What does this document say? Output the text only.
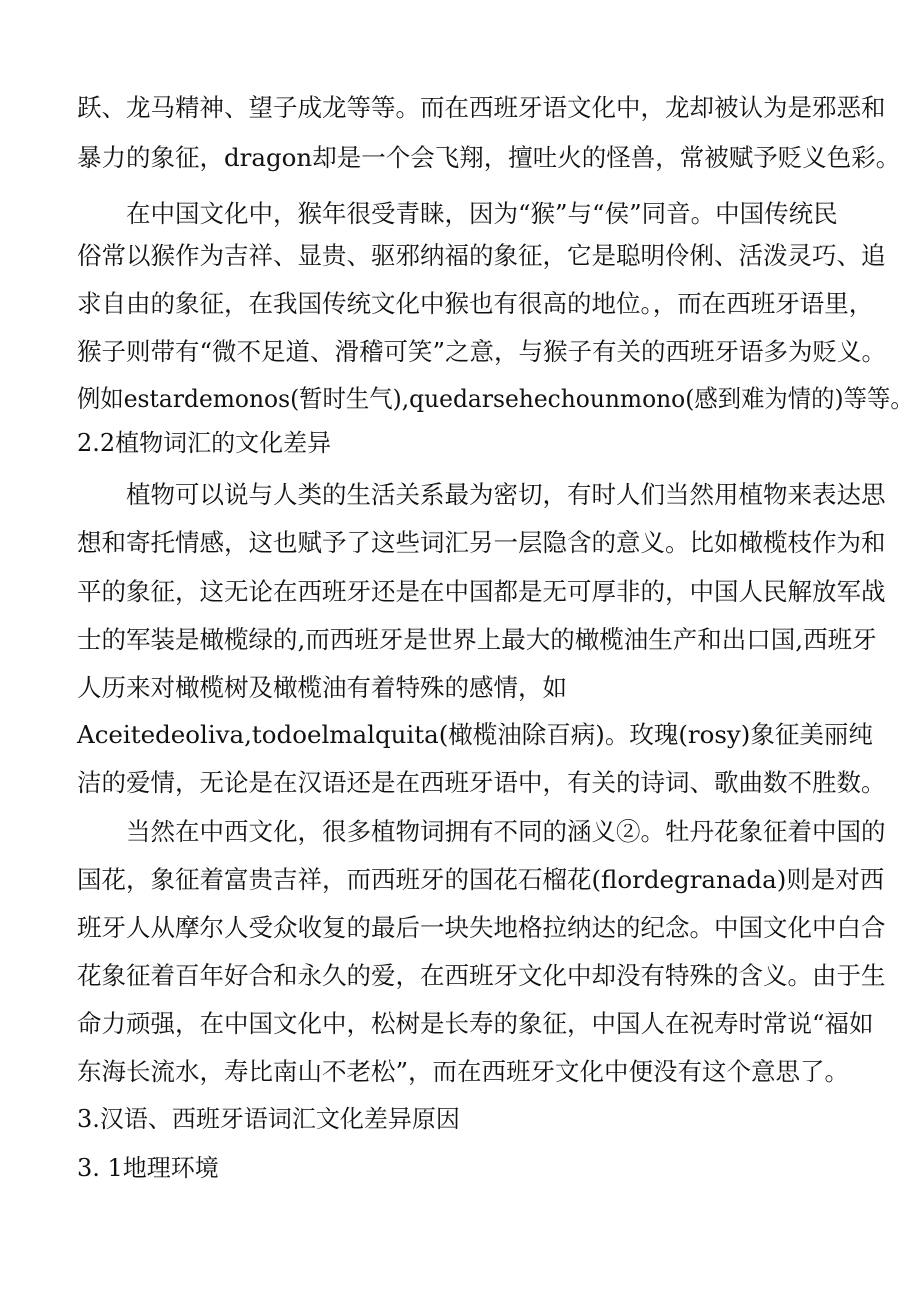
跃、龙马精神、望子成龙等等。而在西班牙语文化中，龙却被认为是邪恶和
暴力的象征，dragon却是一个会飞翔，擅吐火的怪兽，常被赋予贬义色彩。
在中国文化中，猴年很受青睐，因为“猴”与“侯”同音。中国传统民
俗常以猴作为吉祥、显贵、驱邪纳福的象征，它是聪明伶俐、活泼灵巧、追
求自由的象征，在我国传统文化中猴也有很高的地位。，而在西班牙语里，
猴子则带有“微不足道、滑稽可笑”之意，与猴子有关的西班牙语多为贬义。
例如estardemonos(暂时生气),quedarsehechounmono(感到难为情的)等等。
2.2植物词汇的文化差异
植物可以说与人类的生活关系最为密切，有时人们当然用植物来表达思
想和寄托情感，这也赋予了这些词汇另一层隐含的意义。比如橄榄枝作为和
平的象征，这无论在西班牙还是在中国都是无可厚非的，中国人民解放军战
士的军装是橄榄绿的,而西班牙是世界上最大的橄榄油生产和出口国,西班牙
人历来对橄榄树及橄榄油有着特殊的感情，如
Aceitedeoliva,todoelmalquita(橄榄油除百病)。玫瑰(rosy)象征美丽纯
洁的爱情，无论是在汉语还是在西班牙语中，有关的诗词、歌曲数不胜数。
当然在中西文化，很多植物词拥有不同的涵义②。牡丹花象征着中国的
国花，象征着富贵吉祥，而西班牙的国花石榴花(flordegranada)则是对西
班牙人从摩尔人受众收复的最后一块失地格拉纳达的纪念。中国文化中白合
花象征着百年好合和永久的爱，在西班牙文化中却没有特殊的含义。由于生
命力顽强，在中国文化中，松树是长寿的象征，中国人在祝寿时常说“福如
东海长流水，寿比南山不老松”，而在西班牙文化中便没有这个意思了。
3.汉语、西班牙语词汇文化差异原因
3. 1地理环境
